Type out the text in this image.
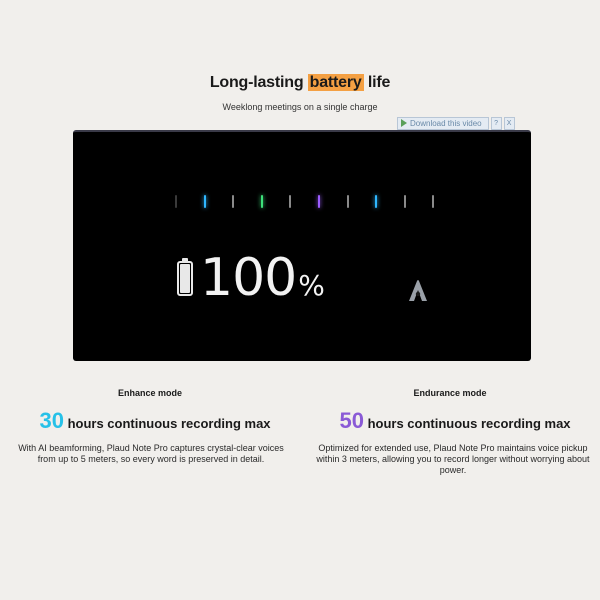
Long-lasting battery life
Weeklong meetings on a single charge
Download this video	?	X
100%
Enhance mode	Endurance mode
30 hours continuous recording max	50 hours continuous recording max
With AI beamforming, Plaud Note Pro captures crystal-clear voices from up to 5 meters, so every word is preserved in detail.
Optimized for extended use, Plaud Note Pro maintains voice pickup within 3 meters, allowing you to record longer without worrying about power.
